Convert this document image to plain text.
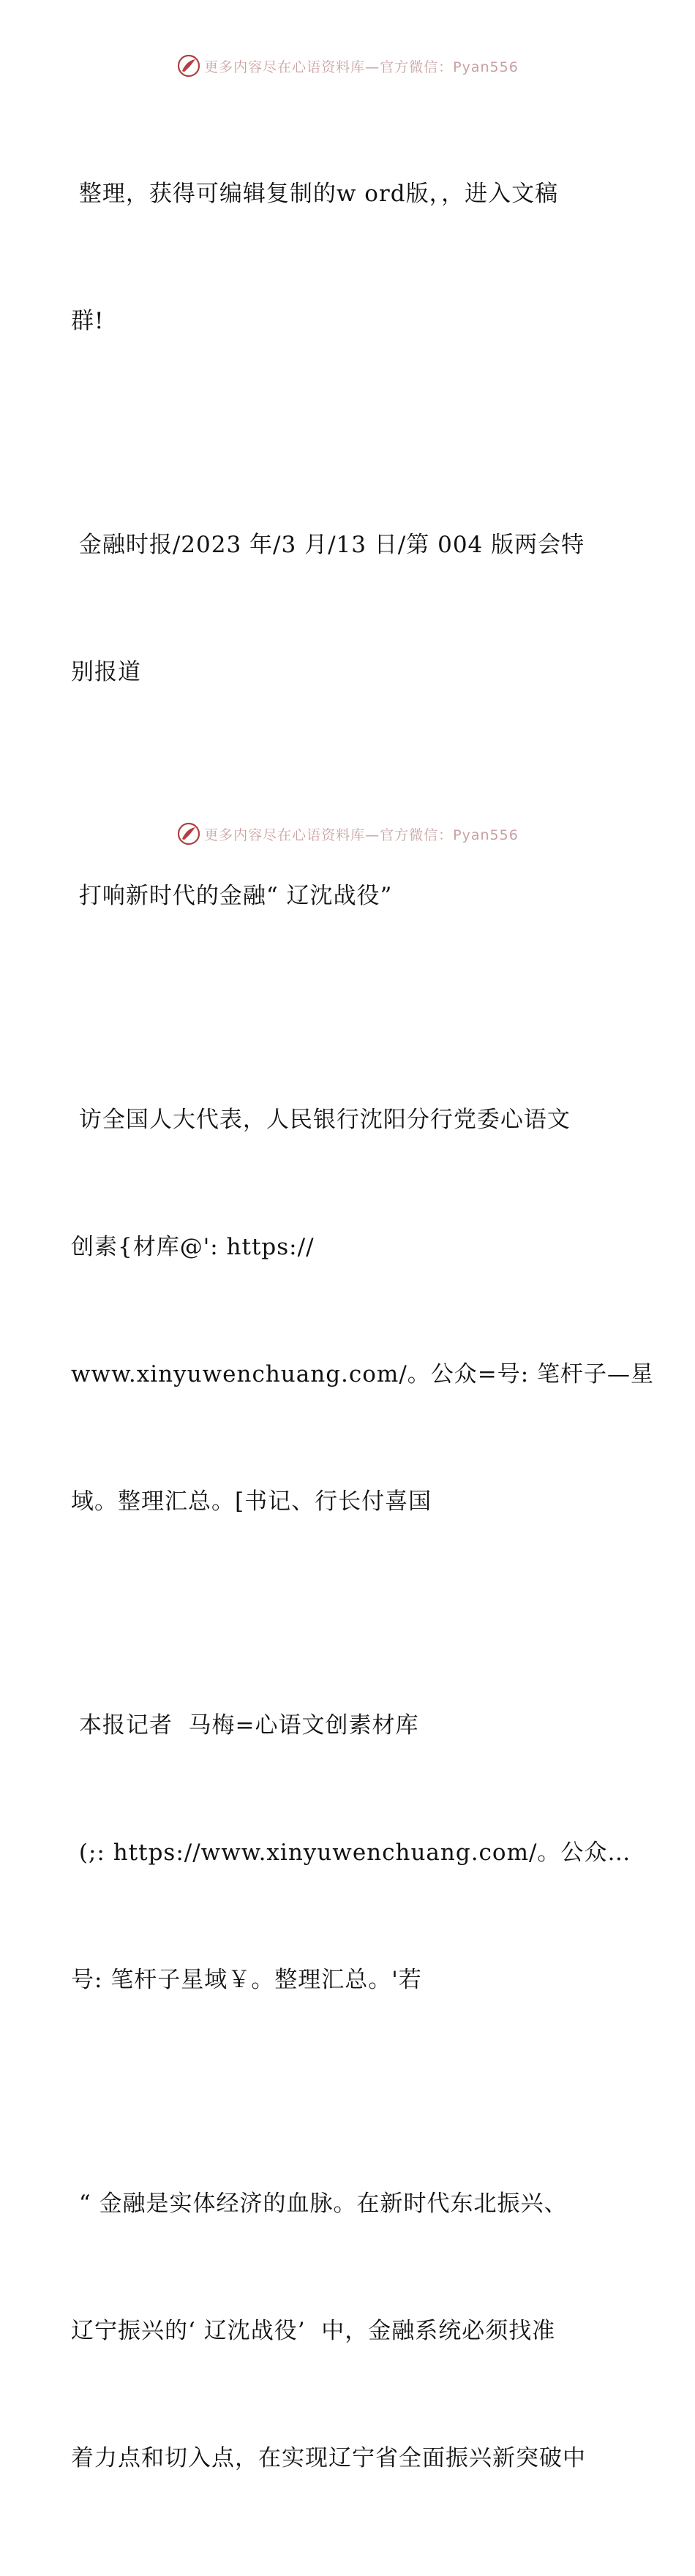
更多内容尽在心语资料库—官方微信：Pyan556

整理，获得可编辑复制的w ord版，，进入文稿

群!

金融时报/2023 年/3 月/13 日/第 004 版两会特

别报道

打响新时代的金融“ 辽沈战役”

访全国人大代表，人民银行沈阳分行党委心语文

创素{材库@': https://

www.xinyuwenchuang.com/。公众=号: 笔杆子—星

域。整理汇总。[书记、行长付喜国

本报记者  马梅=心语文创素材库

(;: https://www.xinyuwenchuang.com/。公众…

号: 笔杆子星域￥。整理汇总。'若

“ 金融是实体经济的血脉。在新时代东北振兴、

辽宁振兴的‘ 辽沈战役’  中，金融系统必须找准

着力点和切入点，在实现辽宁省全面振兴新突破中

更多内容尽在心语资料库—官方微信：Pyan556
